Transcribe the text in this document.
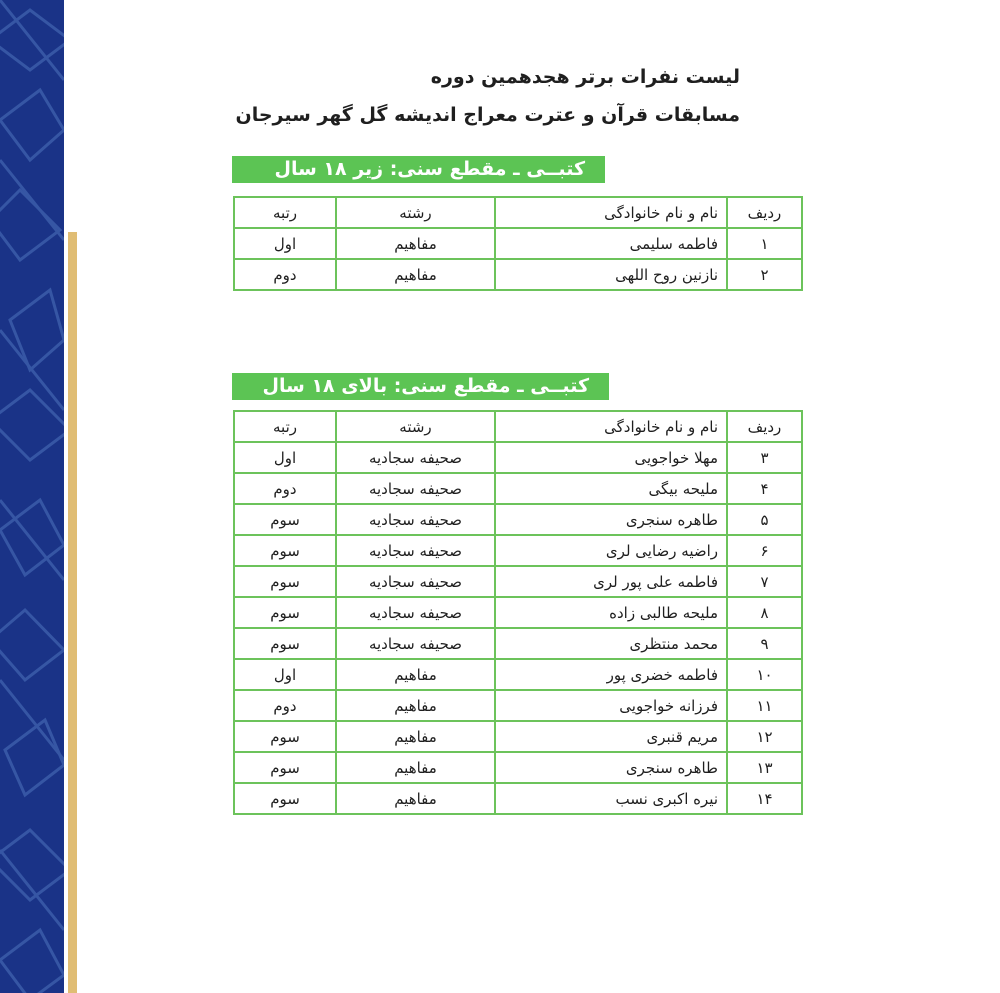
لیست نفرات برتر هجدهمین دوره
مسابقات قرآن و عترت معراج اندیشه گل گهر سیرجان
کتبــی ـ مقطع سنی: زیر ۱۸ سال
ردیف	نام و نام خانوادگی	رشته	رتبه
۱	فاطمه سلیمی	مفاهیم	اول
۲	نازنین روح اللهی	مفاهیم	دوم
کتبــی ـ مقطع سنی: بالای ۱۸ سال
ردیف	نام و نام خانوادگی	رشته	رتبه
۳	مهلا خواجویی	صحیفه سجادیه	اول
۴	ملیحه بیگی	صحیفه سجادیه	دوم
۵	طاهره سنجری	صحیفه سجادیه	سوم
۶	راضیه رضایی لری	صحیفه سجادیه	سوم
۷	فاطمه علی پور لری	صحیفه سجادیه	سوم
۸	ملیحه طالبی زاده	صحیفه سجادیه	سوم
۹	محمد منتظری	صحیفه سجادیه	سوم
۱۰	فاطمه خضری پور	مفاهیم	اول
۱۱	فرزانه خواجویی	مفاهیم	دوم
۱۲	مریم قنبری	مفاهیم	سوم
۱۳	طاهره سنجری	مفاهیم	سوم
۱۴	نیره اکبری نسب	مفاهیم	سوم
